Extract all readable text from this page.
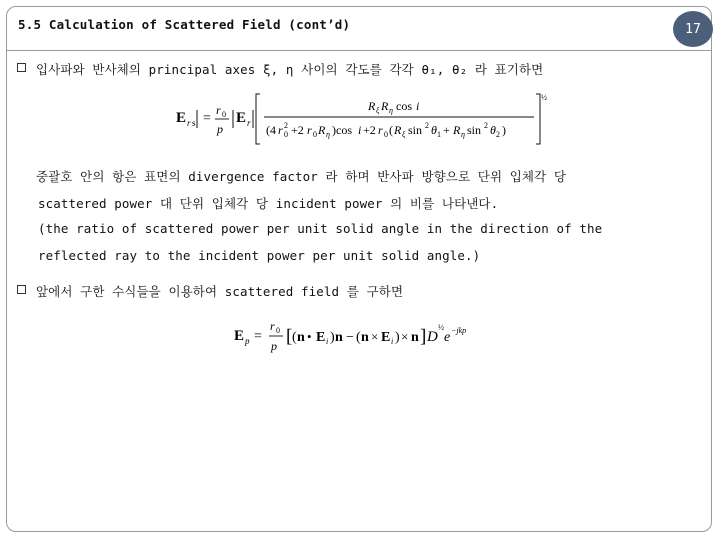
5.5 Calculation of Scattered Field (cont’d)	17
입사파와 반사체의 principal axes ξ, η 사이의 각도를 각각 θ₁, θ₂ 라 표기하면
E r s =
r 0
p
E r
R ξ R η cos i
(4 r 2
0 +2 r 0 R η )cos i +2 r 0 ( R ξ sin 2 θ 1 + R η sin 2 θ 2 )
½
중괄호 안의 항은 표면의 divergence factor 라 하며 반사파 방향으로 단위 입체각 당
scattered power 대 단위 입체각 당 incident power 의 비를 나타낸다.
(the ratio of scattered power per unit solid angle in the direction of the
reflected ray to the incident power per unit solid angle.)
앞에서 구한 수식들을 이용하여 scattered field 를 구하면
E p =
r 0
p [ ( n • E i ) n − ( n × E i ) × n ] D
½
e −jkp
